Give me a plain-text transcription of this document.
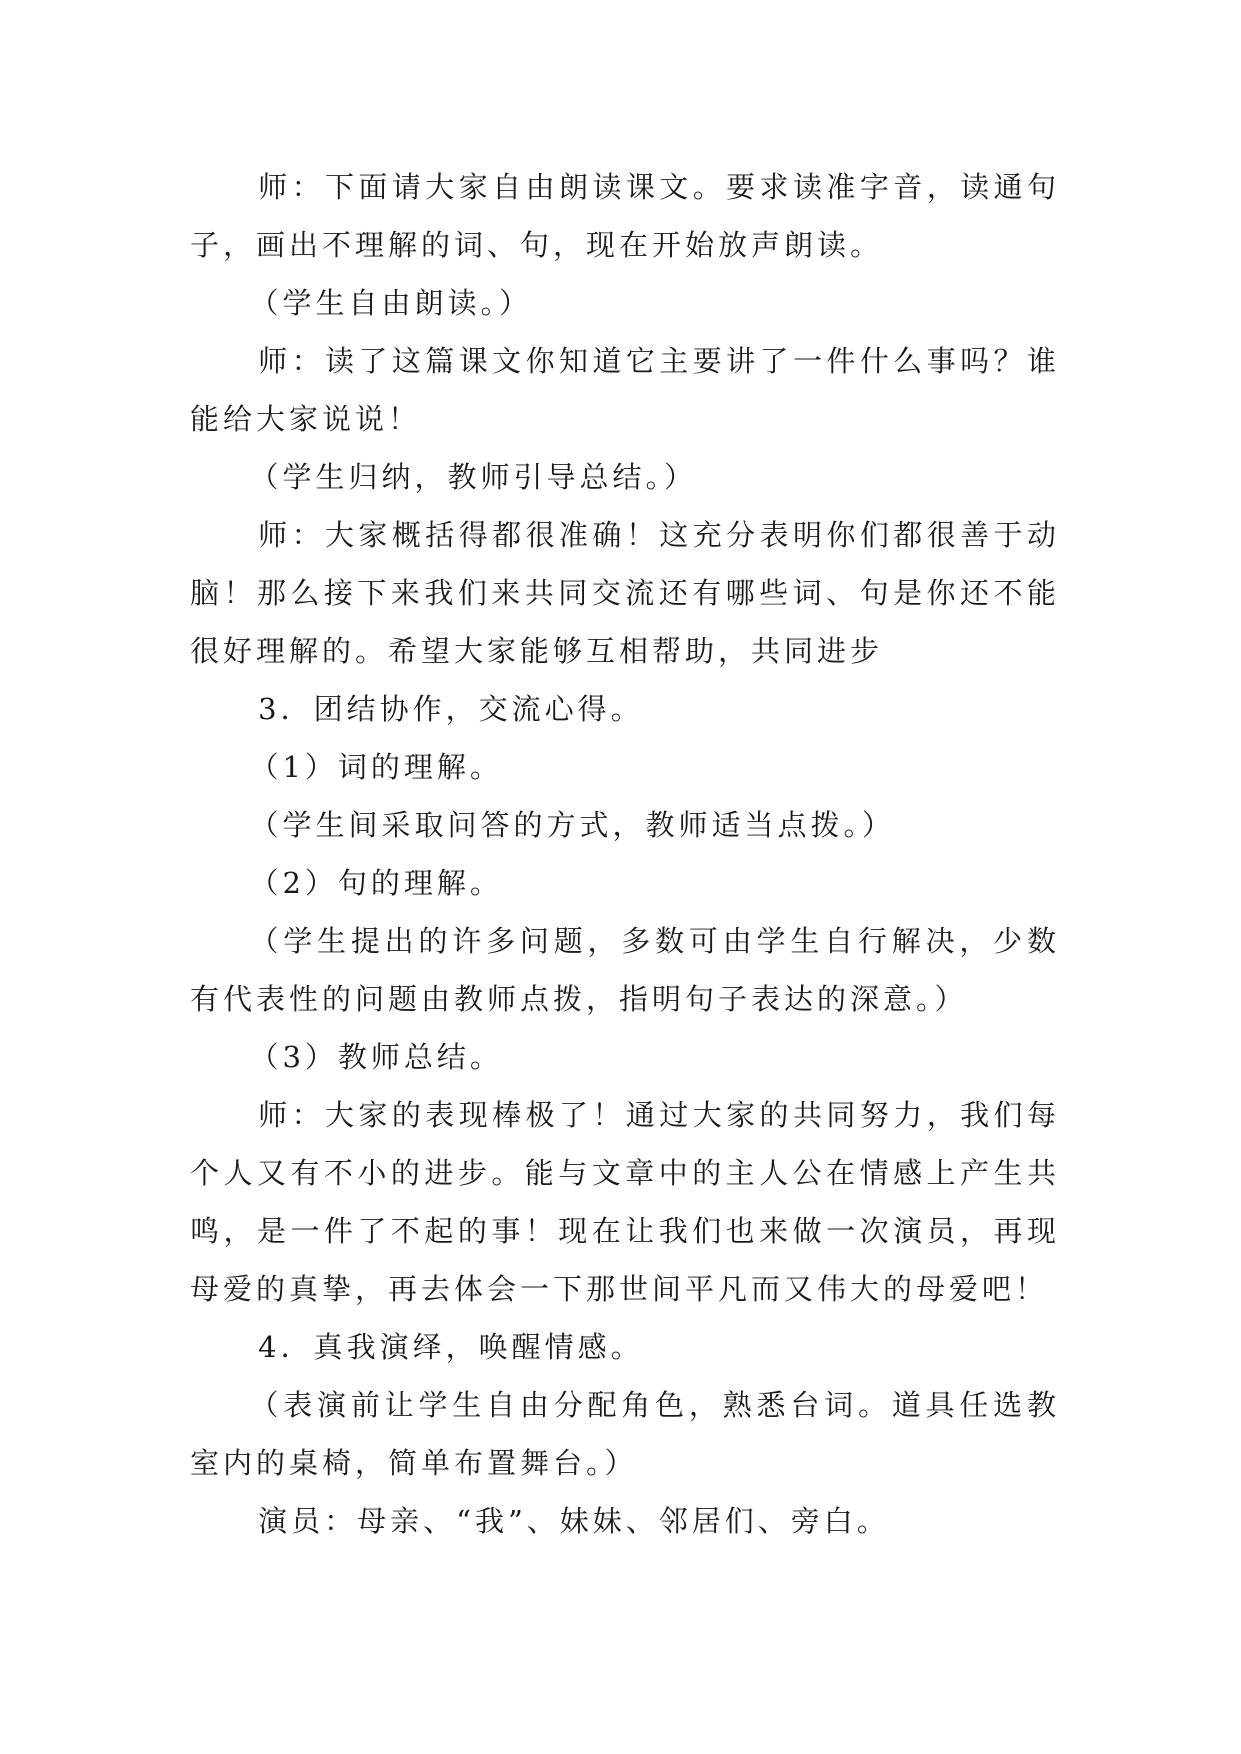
师：下面请大家自由朗读课文。要求读准字音，读通句子，画出不理解的词、句，现在开始放声朗读。

（学生自由朗读。）

师：读了这篇课文你知道它主要讲了一件什么事吗？谁能给大家说说！

（学生归纳，教师引导总结。）

师：大家概括得都很准确！这充分表明你们都很善于动脑！那么接下来我们来共同交流还有哪些词、句是你还不能很好理解的。希望大家能够互相帮助，共同进步

3．团结协作，交流心得。

（1）词的理解。

（学生间采取问答的方式，教师适当点拨。）

（2）句的理解。

（学生提出的许多问题，多数可由学生自行解决，少数有代表性的问题由教师点拨，指明句子表达的深意。）

（3）教师总结。

师：大家的表现棒极了！通过大家的共同努力，我们每个人又有不小的进步。能与文章中的主人公在情感上产生共鸣，是一件了不起的事！现在让我们也来做一次演员，再现母爱的真挚，再去体会一下那世间平凡而又伟大的母爱吧！

4．真我演绎，唤醒情感。

（表演前让学生自由分配角色，熟悉台词。道具任选教室内的桌椅，简单布置舞台。）

演员：母亲、“我”、妹妹、邻居们、旁白。
